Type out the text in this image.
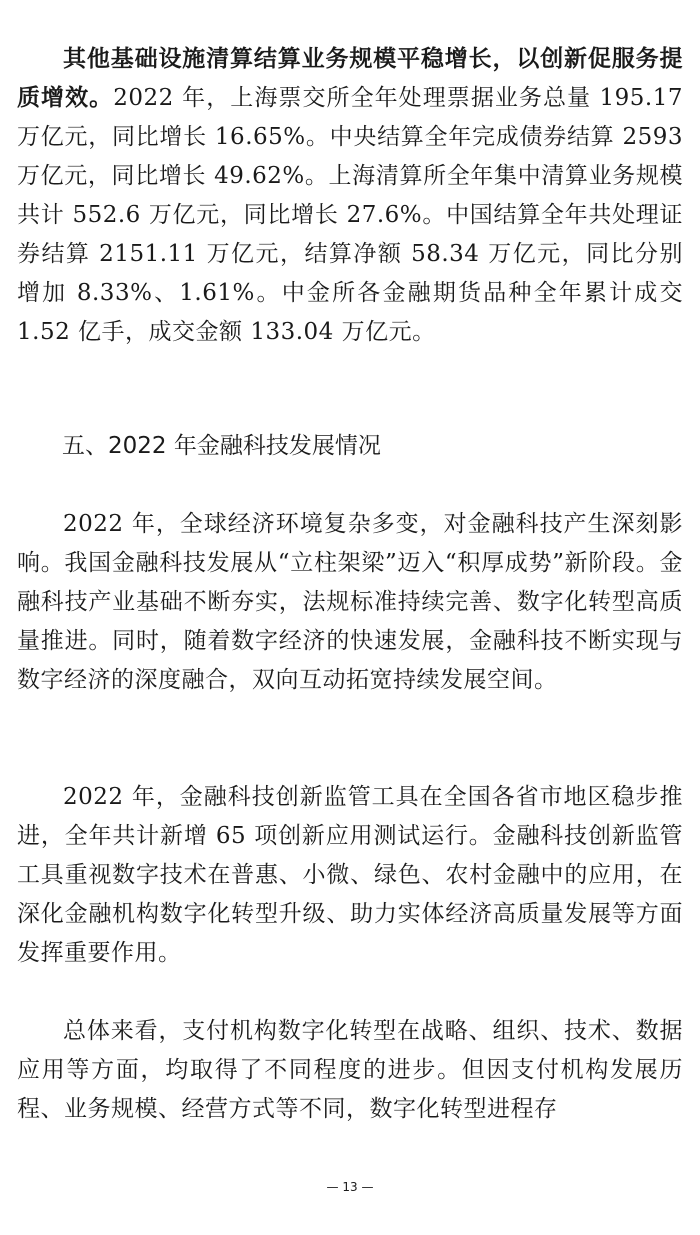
其他基础设施清算结算业务规模平稳增长，以创新促服务提质增效。2022 年，上海票交所全年处理票据业务总量 195.17 万亿元，同比增长 16.65%。中央结算全年完成债券结算 2593 万亿元，同比增长 49.62%。上海清算所全年集中清算业务规模共计 552.6 万亿元，同比增长 27.6%。中国结算全年共处理证券结算 2151.11 万亿元，结算净额 58.34 万亿元，同比分别增加 8.33%、1.61%。中金所各金融期货品种全年累计成交 1.52 亿手，成交金额 133.04 万亿元。

五、2022 年金融科技发展情况

2022 年，全球经济环境复杂多变，对金融科技产生深刻影响。我国金融科技发展从“立柱架梁”迈入“积厚成势”新阶段。金融科技产业基础不断夯实，法规标准持续完善、数字化转型高质量推进。同时，随着数字经济的快速发展，金融科技不断实现与数字经济的深度融合，双向互动拓宽持续发展空间。

2022 年，金融科技创新监管工具在全国各省市地区稳步推进，全年共计新增 65 项创新应用测试运行。金融科技创新监管工具重视数字技术在普惠、小微、绿色、农村金融中的应用，在深化金融机构数字化转型升级、助力实体经济高质量发展等方面发挥重要作用。

总体来看，支付机构数字化转型在战略、组织、技术、数据应用等方面，均取得了不同程度的进步。但因支付机构发展历程、业务规模、经营方式等不同，数字化转型进程存

— 13 —
